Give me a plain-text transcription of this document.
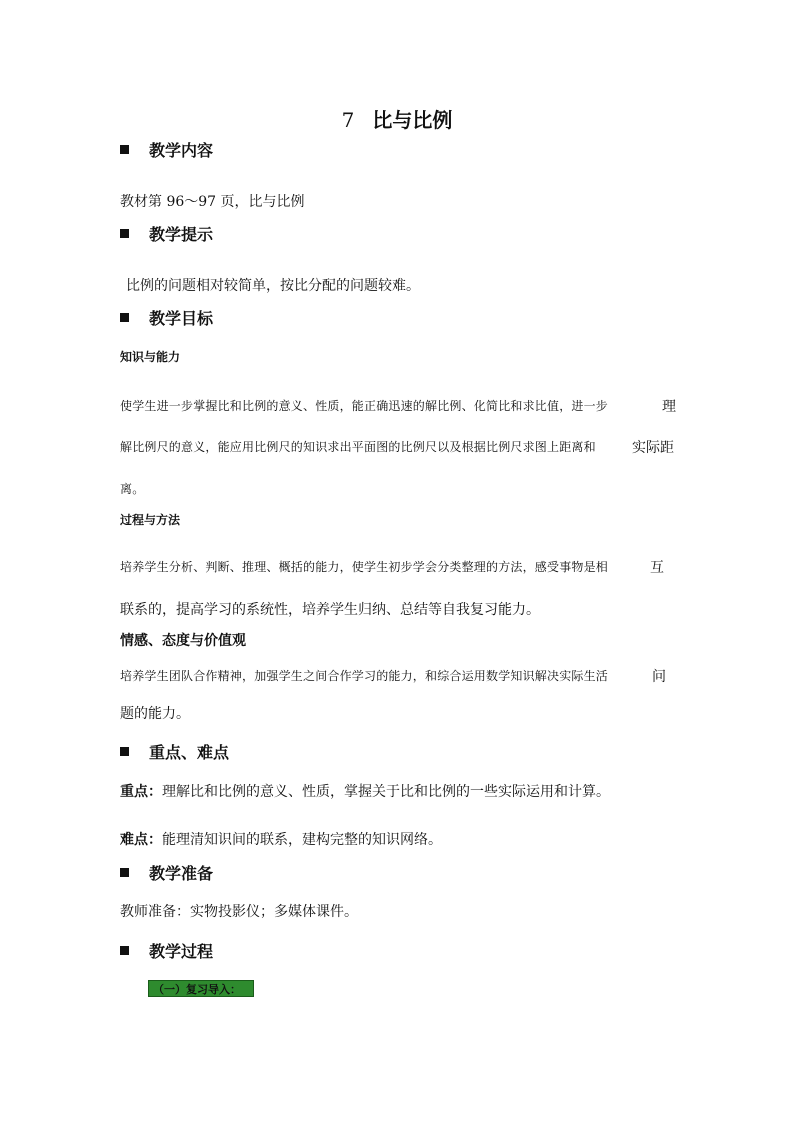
7 比与比例
教学内容
教材第 96～97 页，比与比例
教学提示
比例的问题相对较简单，按比分配的问题较难。
教学目标
知识与能力
使学生进一步掌握比和比例的意义、性质，能正确迅速的解比例、化简比和求比值，进一步	理
解比例尺的意义，能应用比例尺的知识求出平面图的比例尺以及根据比例尺求图上距离和	实际距
离。
过程与方法
培养学生分析、判断、推理、概括的能力，使学生初步学会分类整理的方法，感受事物是相	互
联系的，提高学习的系统性，培养学生归纳、总结等自我复习能力。
情感、态度与价值观
培养学生团队合作精神，加强学生之间合作学习的能力，和综合运用数学知识解决实际生活	问
题的能力。
重点、难点
重点：理解比和比例的意义、性质，掌握关于比和比例的一些实际运用和计算。
难点：能理清知识间的联系，建构完整的知识网络。
教学准备
教师准备：实物投影仪；多媒体课件。
教学过程
（一）复习导入：
